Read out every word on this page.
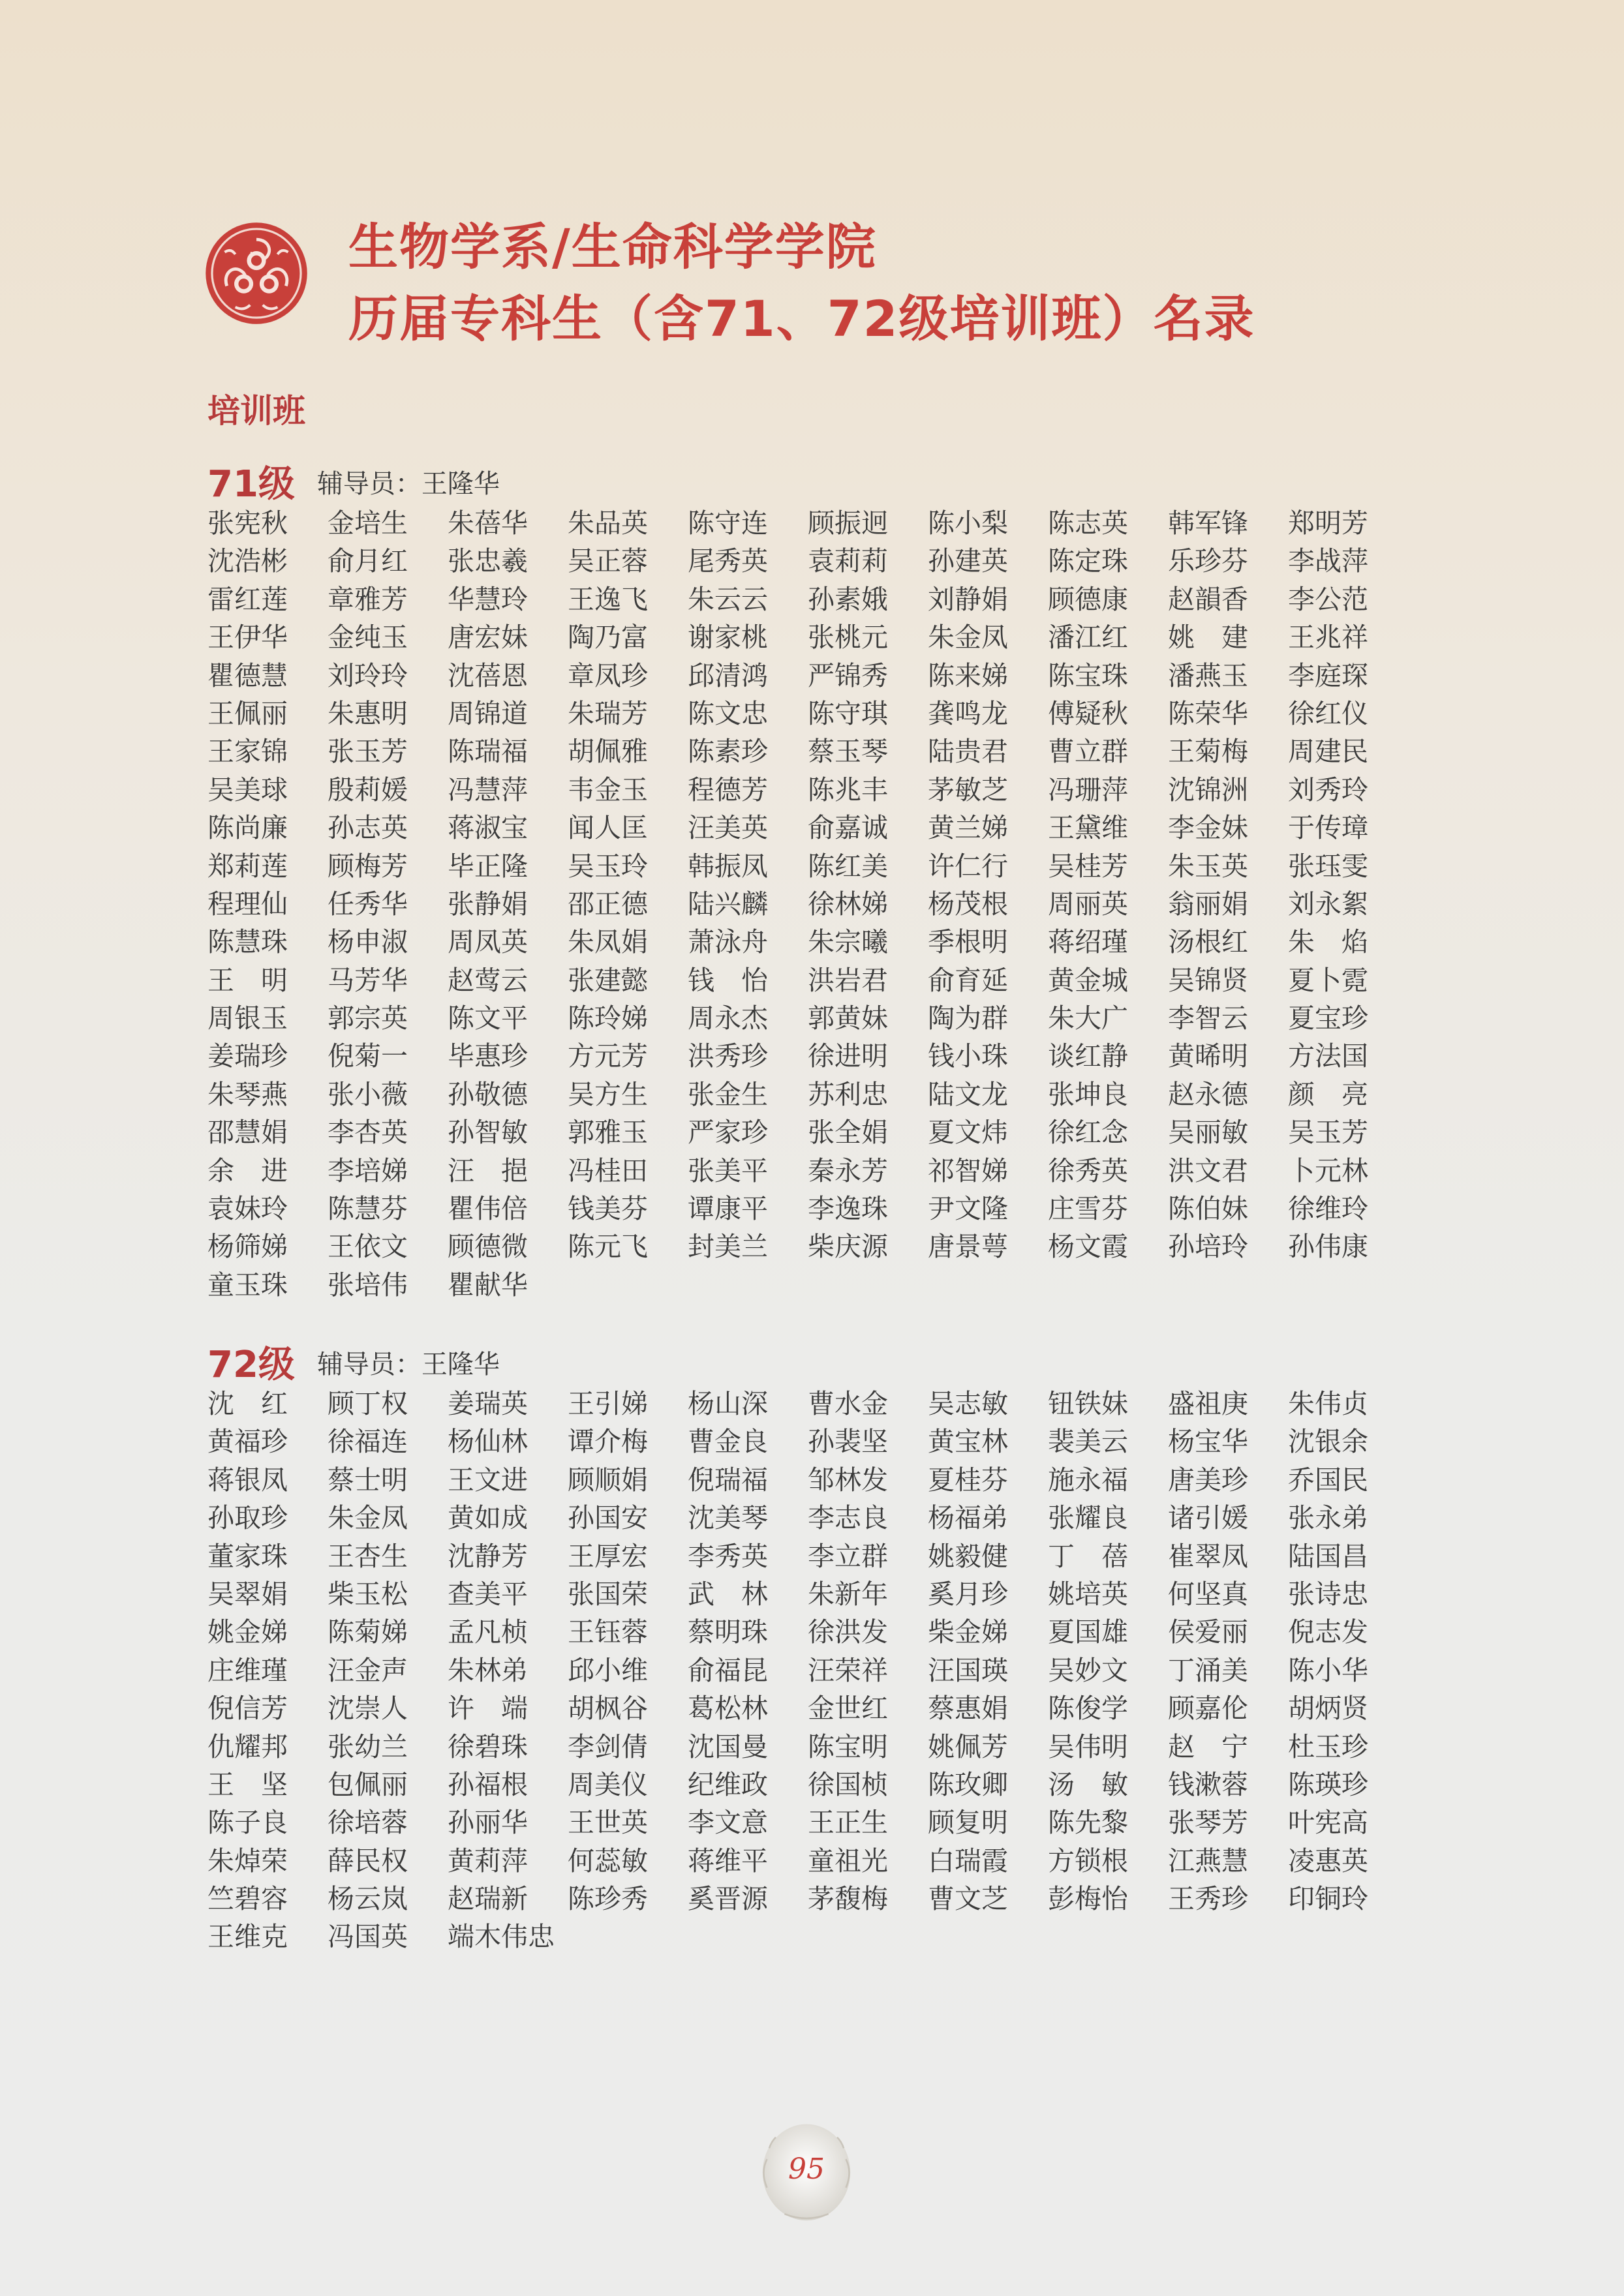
生物学系/生命科学学院
历届专科生（含71、72级培训班）名录
培训班
71级 辅导员：王隆华
张宪秋	金培生	朱蓓华	朱品英	陈守连	顾振迥	陈小梨	陈志英	韩军锋	郑明芳
沈浩彬	俞月红	张忠羲	吴正蓉	尾秀英	袁莉莉	孙建英	陈定珠	乐珍芬	李战萍
雷红莲	章雅芳	华慧玲	王逸飞	朱云云	孙素娥	刘静娟	顾德康	赵韻香	李公范
王伊华	金纯玉	唐宏妹	陶乃富	谢家桃	张桃元	朱金凤	潘江红	姚　建	王兆祥
瞿德慧	刘玲玲	沈蓓恩	章凤珍	邱清鸿	严锦秀	陈来娣	陈宝珠	潘燕玉	李庭琛
王佩丽	朱惠明	周锦道	朱瑞芳	陈文忠	陈守琪	龚鸣龙	傅疑秋	陈荣华	徐红仪
王家锦	张玉芳	陈瑞福	胡佩雅	陈素珍	蔡玉琴	陆贵君	曹立群	王菊梅	周建民
吴美球	殷莉媛	冯慧萍	韦金玉	程德芳	陈兆丰	茅敏芝	冯珊萍	沈锦洲	刘秀玲
陈尚廉	孙志英	蒋淑宝	闻人匡	汪美英	俞嘉诚	黄兰娣	王黛维	李金妹	于传璋
郑莉莲	顾梅芳	毕正隆	吴玉玲	韩振凤	陈红美	许仁行	吴桂芳	朱玉英	张珏雯
程理仙	任秀华	张静娟	邵正德	陆兴麟	徐林娣	杨茂根	周丽英	翁丽娟	刘永絮
陈慧珠	杨申淑	周凤英	朱凤娟	萧泳舟	朱宗曦	季根明	蒋绍瑾	汤根红	朱　焰
王　明	马芳华	赵莺云	张建懿	钱　怡	洪岩君	俞育延	黄金城	吴锦贤	夏卜霓
周银玉	郭宗英	陈文平	陈玲娣	周永杰	郭黄妹	陶为群	朱大广	李智云	夏宝珍
姜瑞珍	倪菊一	毕惠珍	方元芳	洪秀珍	徐进明	钱小珠	谈红静	黄晞明	方法国
朱琴燕	张小薇	孙敬德	吴方生	张金生	苏利忠	陆文龙	张坤良	赵永德	颜　亮
邵慧娟	李杏英	孙智敏	郭雅玉	严家珍	张全娟	夏文炜	徐红念	吴丽敏	吴玉芳
余　进	李培娣	汪　挹	冯桂田	张美平	秦永芳	祁智娣	徐秀英	洪文君	卜元林
袁妹玲	陈慧芬	瞿伟倍	钱美芬	谭康平	李逸珠	尹文隆	庄雪芬	陈伯妹	徐维玲
杨筛娣	王依文	顾德微	陈元飞	封美兰	柴庆源	唐景萼	杨文霞	孙培玲	孙伟康
童玉珠	张培伟	瞿献华
72级 辅导员：王隆华
沈　红	顾丁权	姜瑞英	王引娣	杨山深	曹水金	吴志敏	钮铁妹	盛祖庚	朱伟贞
黄福珍	徐福连	杨仙林	谭介梅	曹金良	孙裴坚	黄宝林	裴美云	杨宝华	沈银余
蒋银凤	蔡士明	王文进	顾顺娟	倪瑞福	邹林发	夏桂芬	施永福	唐美珍	乔国民
孙取珍	朱金凤	黄如成	孙国安	沈美琴	李志良	杨福弟	张耀良	诸引媛	张永弟
董家珠	王杏生	沈静芳	王厚宏	李秀英	李立群	姚毅健	丁　蓓	崔翠凤	陆国昌
吴翠娟	柴玉松	查美平	张国荣	武　林	朱新年	奚月珍	姚培英	何坚真	张诗忠
姚金娣	陈菊娣	孟凡桢	王钰蓉	蔡明珠	徐洪发	柴金娣	夏国雄	侯爱丽	倪志发
庄维瑾	汪金声	朱林弟	邱小维	俞福昆	汪荣祥	汪国瑛	吴妙文	丁涌美	陈小华
倪信芳	沈崇人	许　端	胡枫谷	葛松林	金世红	蔡惠娟	陈俊学	顾嘉伦	胡炳贤
仇耀邦	张幼兰	徐碧珠	李剑倩	沈国曼	陈宝明	姚佩芳	吴伟明	赵　宁	杜玉珍
王　坚	包佩丽	孙福根	周美仪	纪维政	徐国桢	陈玫卿	汤　敏	钱漱蓉	陈瑛珍
陈子良	徐培蓉	孙丽华	王世英	李文意	王正生	顾复明	陈先黎	张琴芳	叶宪高
朱焯荣	薛民权	黄莉萍	何蕊敏	蒋维平	童祖光	白瑞霞	方锁根	江燕慧	凌惠英
竺碧容	杨云岚	赵瑞新	陈珍秀	奚晋源	茅馥梅	曹文芝	彭梅怡	王秀珍	印铜玲
王维克	冯国英	端木伟忠
95
